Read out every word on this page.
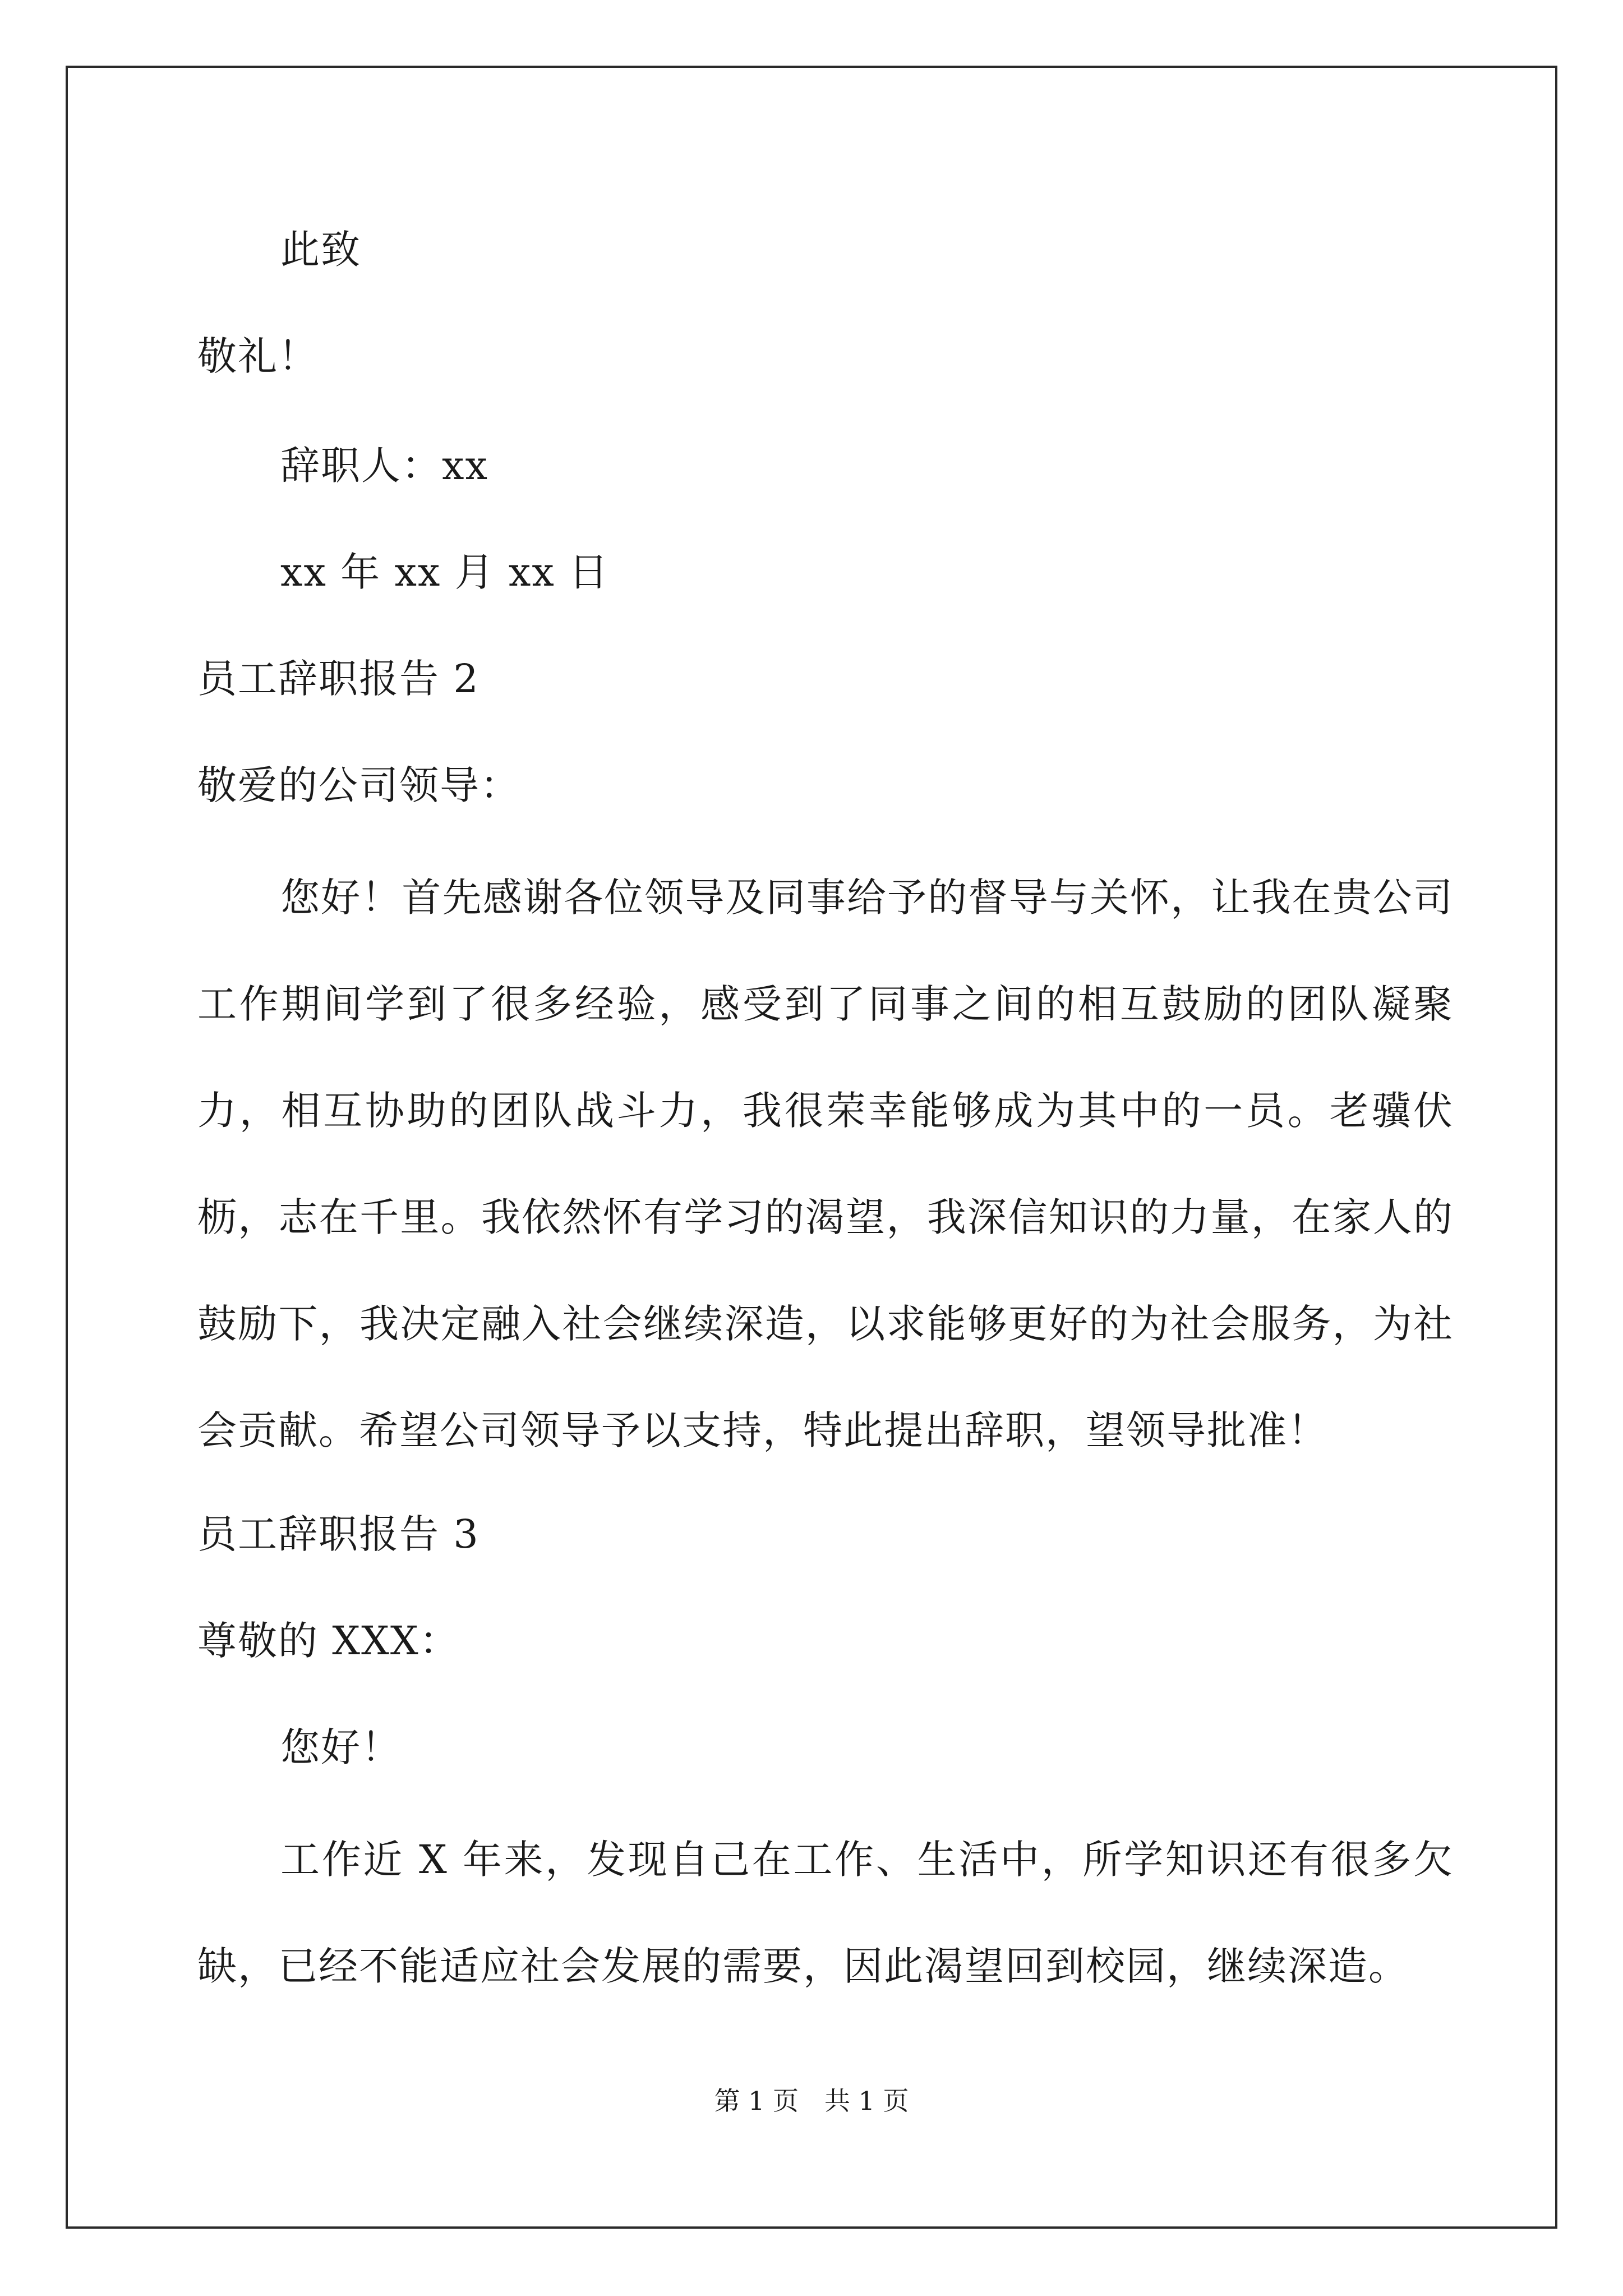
此致
敬礼！
辞职人：xx
xx 年 xx 月 xx 日
员工辞职报告 2
敬爱的公司领导：
您好！首先感谢各位领导及同事给予的督导与关怀，让我在贵公司工作期间学到了很多经验，感受到了同事之间的相互鼓励的团队凝聚力，相互协助的团队战斗力，我很荣幸能够成为其中的一员。老骥伏枥，志在千里。我依然怀有学习的渴望，我深信知识的力量，在家人的鼓励下，我决定融入社会继续深造，以求能够更好的为社会服务，为社会贡献。希望公司领导予以支持，特此提出辞职，望领导批准！
员工辞职报告 3
尊敬的 XXX：
您好！
工作近 X 年来，发现自己在工作、生活中，所学知识还有很多欠缺，已经不能适应社会发展的需要，因此渴望回到校园，继续深造。
第 1 页　共 1 页
